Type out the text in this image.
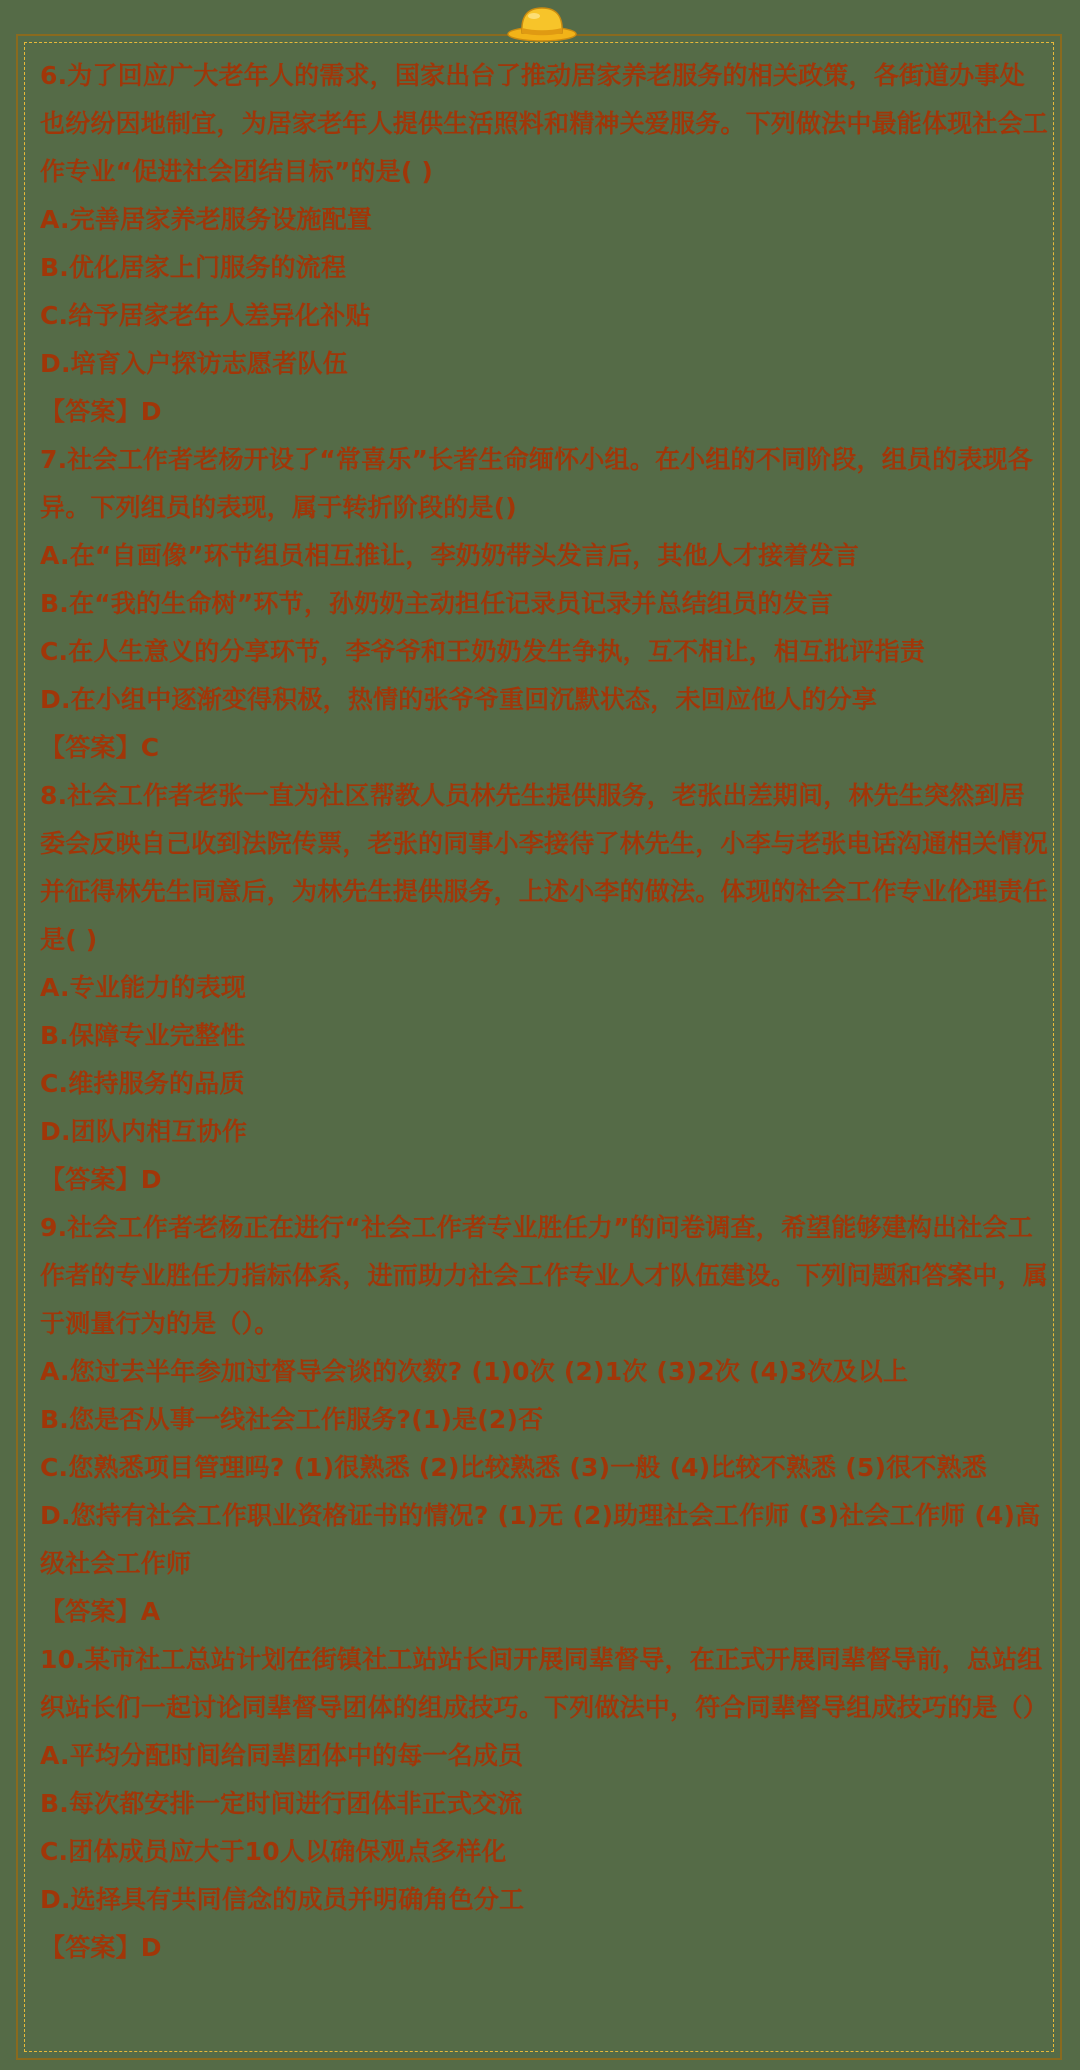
6.为了回应广大老年人的需求，国家出台了推动居家养老服务的相关政策，各街道办事处也纷纷因地制宜，为居家老年人提供生活照料和精神关爱服务。下列做法中最能体现社会工作专业“促进社会团结目标”的是( )

A.完善居家养老服务设施配置

B.优化居家上门服务的流程

C.给予居家老年人差异化补贴

D.培育入户探访志愿者队伍

【答案】D

7.社会工作者老杨开设了“常喜乐”长者生命缅怀小组。在小组的不同阶段，组员的表现各异。下列组员的表现，属于转折阶段的是()

A.在“自画像”环节组员相互推让，李奶奶带头发言后，其他人才接着发言

B.在“我的生命树”环节，孙奶奶主动担任记录员记录并总结组员的发言

C.在人生意义的分享环节，李爷爷和王奶奶发生争执，互不相让，相互批评指责

D.在小组中逐渐变得积极，热情的张爷爷重回沉默状态，未回应他人的分享

【答案】C

8.社会工作者老张一直为社区帮教人员林先生提供服务，老张出差期间，林先生突然到居委会反映自己收到法院传票，老张的同事小李接待了林先生，小李与老张电话沟通相关情况并征得林先生同意后，为林先生提供服务，上述小李的做法。体现的社会工作专业伦理责任是( )

A.专业能力的表现

B.保障专业完整性

C.维持服务的品质

D.团队内相互协作

【答案】D

9.社会工作者老杨正在进行“社会工作者专业胜任力”的问卷调查，希望能够建构出社会工作者的专业胜任力指标体系，进而助力社会工作专业人才队伍建设。下列问题和答案中，属于测量行为的是（）。

A.您过去半年参加过督导会谈的次数? (1)0次 (2)1次 (3)2次 (4)3次及以上

B.您是否从事一线社会工作服务?(1)是(2)否

C.您熟悉项目管理吗? (1)很熟悉 (2)比较熟悉 (3)一般 (4)比较不熟悉 (5)很不熟悉

D.您持有社会工作职业资格证书的情况? (1)无 (2)助理社会工作师 (3)社会工作师 (4)高级社会工作师

【答案】A

10.某市社工总站计划在街镇社工站站长间开展同辈督导，在正式开展同辈督导前，总站组织站长们一起讨论同辈督导团体的组成技巧。下列做法中，符合同辈督导组成技巧的是（）

A.平均分配时间给同辈团体中的每一名成员

B.每次都安排一定时间进行团体非正式交流

C.团体成员应大于10人以确保观点多样化

D.选择具有共同信念的成员并明确角色分工

【答案】D
